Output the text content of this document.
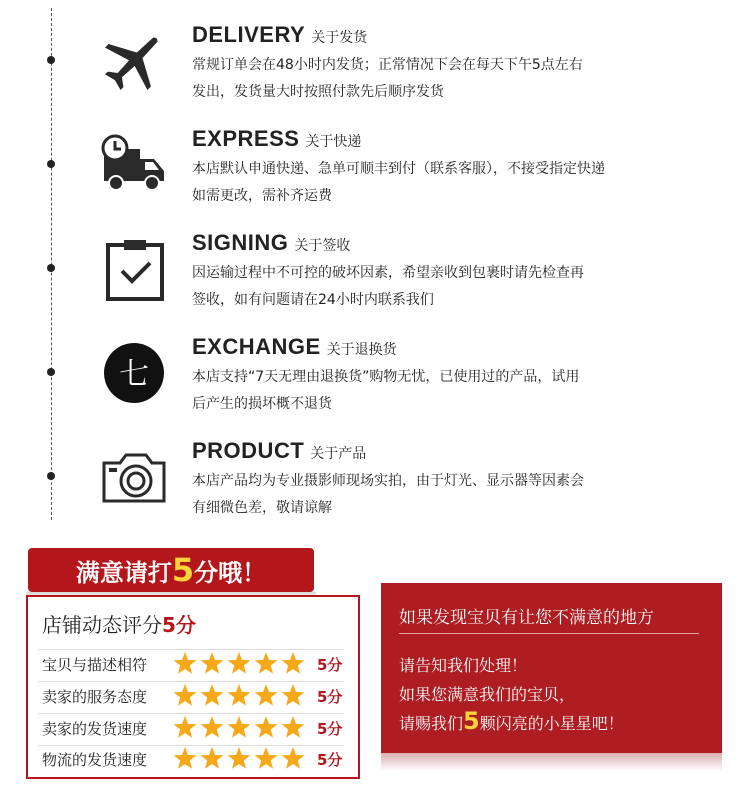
DELIVERY 关于发货
常规订单会在48小时内发货；正常情况下会在每天下午5点左右
发出，发货量大时按照付款先后顺序发货
EXPRESS 关于快递
本店默认申通快递、急单可顺丰到付（联系客服），不接受指定快递
如需更改，需补齐运费
SIGNING 关于签收
因运输过程中不可控的破坏因素，希望亲收到包裹时请先检查再
签收，如有问题请在24小时内联系我们
七
EXCHANGE 关于退换货
本店支持“7天无理由退换货”购物无忧，已使用过的产品，试用
后产生的损坏概不退货
PRODUCT 关于产品
本店产品均为专业摄影师现场实拍，由于灯光、显示器等因素会
有细微色差，敬请谅解
满意请打5分哦！
店铺动态评分5分
宝贝与描述相符	5分
卖家的服务态度	5分
卖家的发货速度	5分
物流的发货速度	5分
如果发现宝贝有让您不满意的地方
请告知我们处理！
如果您满意我们的宝贝，
请赐我们5颗闪亮的小星星吧！
